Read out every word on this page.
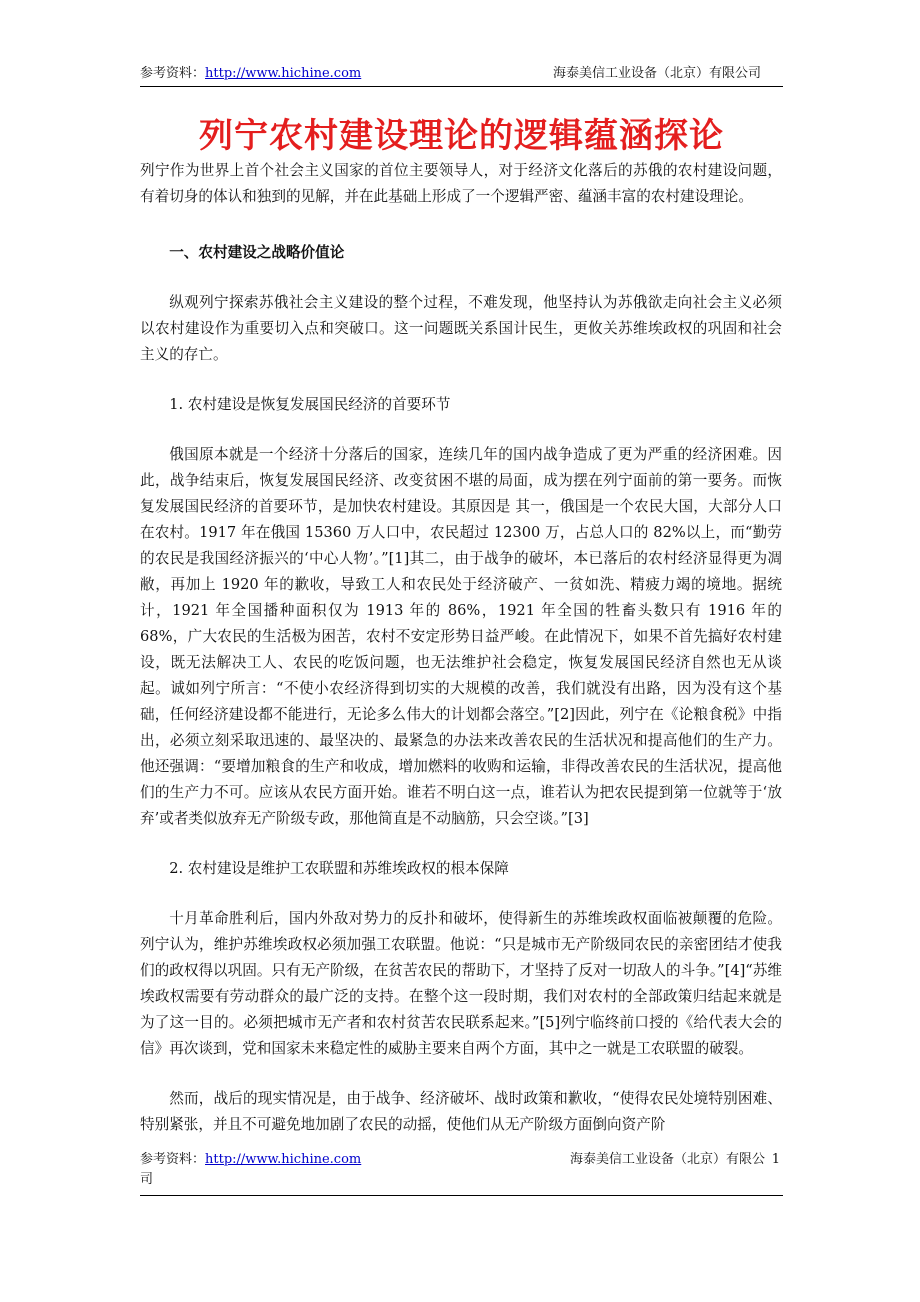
参考资料：http://www.hichine.com	海泰美信工业设备（北京）有限公司
列宁农村建设理论的逻辑蕴涵探论

列宁作为世界上首个社会主义国家的首位主要领导人，对于经济文化落后的苏俄的农村建设问题，有着切身的体认和独到的见解，并在此基础上形成了一个逻辑严密、蕴涵丰富的农村建设理论。

一、农村建设之战略价值论

纵观列宁探索苏俄社会主义建设的整个过程，不难发现，他坚持认为苏俄欲走向社会主义必须以农村建设作为重要切入点和突破口。这一问题既关系国计民生，更攸关苏维埃政权的巩固和社会主义的存亡。

1. 农村建设是恢复发展国民经济的首要环节

俄国原本就是一个经济十分落后的国家，连续几年的国内战争造成了更为严重的经济困难。因此，战争结束后，恢复发展国民经济、改变贫困不堪的局面，成为摆在列宁面前的第一要务。而恢复发展国民经济的首要环节，是加快农村建设。其原因是 其一，俄国是一个农民大国，大部分人口在农村。1917 年在俄国 15360 万人口中，农民超过 12300 万，占总人口的 82%以上，而“勤劳的农民是我国经济振兴的‘中心人物’。”[1]其二，由于战争的破坏，本已落后的农村经济显得更为凋敝，再加上 1920 年的歉收，导致工人和农民处于经济破产、一贫如洗、精疲力竭的境地。据统计，1921 年全国播种面积仅为 1913 年的 86%，1921 年全国的牲畜头数只有 1916 年的 68%，广大农民的生活极为困苦，农村不安定形势日益严峻。在此情况下，如果不首先搞好农村建设，既无法解决工人、农民的吃饭问题，也无法维护社会稳定，恢复发展国民经济自然也无从谈起。诚如列宁所言：“不使小农经济得到切实的大规模的改善，我们就没有出路，因为没有这个基础，任何经济建设都不能进行，无论多么伟大的计划都会落空。”[2]因此，列宁在《论粮食税》中指出，必须立刻采取迅速的、最坚决的、最紧急的办法来改善农民的生活状况和提高他们的生产力。他还强调：“要增加粮食的生产和收成，增加燃料的收购和运输，非得改善农民的生活状况，提高他们的生产力不可。应该从农民方面开始。谁若不明白这一点，谁若认为把农民提到第一位就等于‘放弃’或者类似放弃无产阶级专政，那他简直是不动脑筋，只会空谈。”[3]

2. 农村建设是维护工农联盟和苏维埃政权的根本保障

十月革命胜利后，国内外敌对势力的反扑和破坏，使得新生的苏维埃政权面临被颠覆的危险。列宁认为，维护苏维埃政权必须加强工农联盟。他说：“只是城市无产阶级同农民的亲密团结才使我们的政权得以巩固。只有无产阶级，在贫苦农民的帮助下，才坚持了反对一切敌人的斗争。”[4]“苏维埃政权需要有劳动群众的最广泛的支持。在整个这一段时期，我们对农村的全部政策归结起来就是为了这一目的。必须把城市无产者和农村贫苦农民联系起来。”[5]列宁临终前口授的《给代表大会的信》再次谈到，党和国家未来稳定性的威胁主要来自两个方面，其中之一就是工农联盟的破裂。

然而，战后的现实情况是，由于战争、经济破坏、战时政策和歉收，“使得农民处境特别困难、特别紧张，并且不可避免地加剧了农民的动摇，使他们从无产阶级方面倒向资产阶

参考资料：http://www.hichine.com	海泰美信工业设备（北京）有限公 1
司
